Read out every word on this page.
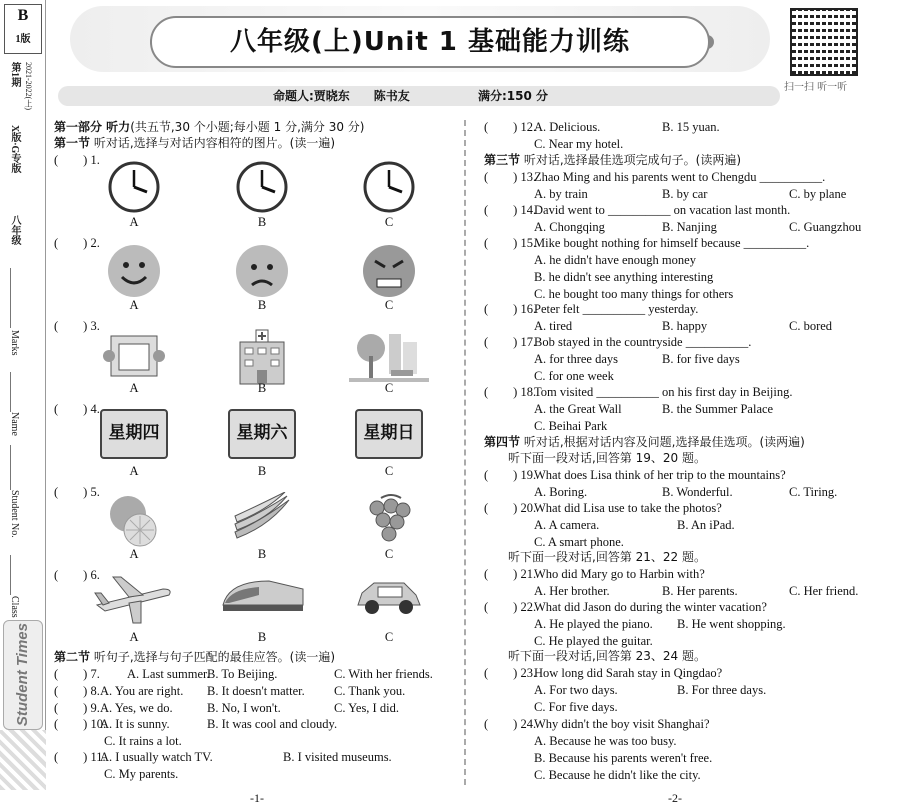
B
1版
第1期 2021-2022(上)
X版·G专版
八年级
Marks
Name
Student No.
Class
Student Times
八年级(上)Unit 1 基础能力训练
扫一扫 听一听
命题人:贾晓东　　陈书友	满分:150 分
第一部分 听力(共五节,30 个小题;每小题 1 分,满分 30 分)
第一节 听对话,选择与对话内容相符的图片。(读一遍)
(　　) 1.
A	B	C
(　　) 2.
A	B	C
(　　) 3.
A	B	C
(　　) 4.
星期四
A
星期六
B
星期日
C
(　　) 5.
A	B	C
(　　) 6.
A	B	C
第二节 听句子,选择与句子匹配的最佳应答。(读一遍)
(　　) 7. A. Last summer.
B. To Beijing.	C. With her friends.
(　　) 8. A. You are right. B. It doesn't matter. C. Thank you.
(　　) 9. A. Yes, we do.	B. No, I won't.	C. Yes, I did.
(　　) 10.
A. It is sunny.	B. It was cool and cloudy.
C. It rains a lot.
(　　) 11.
A. I usually watch TV.	B. I visited museums.
C. My parents.
(　　) 12.
A. Delicious.	B. 15 yuan.
C. Near my hotel.
第三节 听对话,选择最佳选项完成句子。(读两遍)
(　　) 13.
Zhao Ming and his parents went to Chengdu __________.
A. by train	B. by car	C. by plane
(　　) 14.
David went to __________ on vacation last month.
A. Chongqing	B. Nanjing	C. Guangzhou
(　　) 15.
Mike bought nothing for himself because __________.
A. he didn't have enough money
B. he didn't see anything interesting
C. he bought too many things for others
(　　) 16.
Peter felt __________ yesterday.
A. tired	B. happy	C. bored
(　　) 17.
Bob stayed in the countryside __________.
A. for three days	B. for five days
C. for one week
(　　) 18.
Tom visited __________ on his first day in Beijing.
A. the Great Wall	B. the Summer Palace
C. Beihai Park
第四节 听对话,根据对话内容及问题,选择最佳选项。(读两遍)
听下面一段对话,回答第 19、20 题。
听下面一段对话,回答第 21、22 题。
听下面一段对话,回答第 23、24 题。
(　　) 19.
What does Lisa think of her trip to the mountains?
A. Boring.	B. Wonderful.	C. Tiring.
(　　) 20.
What did Lisa use to take the photos?
A. A camera.	B. An iPad.
C. A smart phone.
(　　) 21.
Who did Mary go to Harbin with?
A. Her brother.	B. Her parents.	C. Her friend.
(　　) 22.
What did Jason do during the winter vacation?
A. He played the piano. B. He went shopping.
C. He played the guitar.
(　　) 23.
How long did Sarah stay in Qingdao?
A. For two days.	B. For three days.
C. For five days.
(　　) 24.
Why didn't the boy visit Shanghai?
A. Because he was too busy.
B. Because his parents weren't free.
C. Because he didn't like the city.
-1-	-2-
